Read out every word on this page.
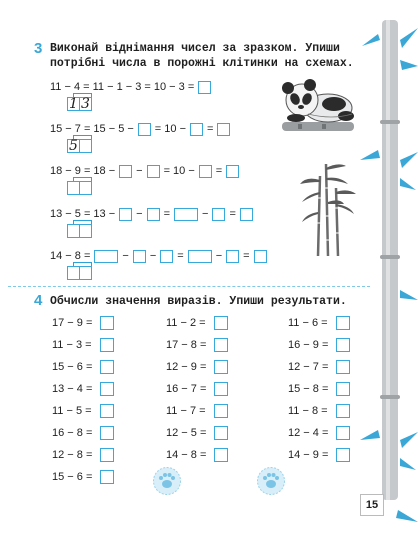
3 Виконай віднімання чисел за зразком. Упиши
потрібні числа в порожні клітинки на схемах.
11 − 4 = 11 − 1 − 3 = 10 − 3 =
1 3
15 − 7 = 15 − 5 − = 10 − =
5
18 − 9 = 18 − − = 10 − =
13 − 5 = 13 − − =	− =
14 − 8 =	− − =	− =
4 Обчисли значення виразів. Упиши результати.
17 − 9 =
11 − 3 =
15 − 6 =
13 − 4 =
11 − 5 =
16 − 8 =
12 − 8 =
15 − 6 =
11 − 2 =
17 − 8 =
12 − 9 =
16 − 7 =
11 − 7 =
12 − 5 =
14 − 8 =
11 − 6 =
16 − 9 =
12 − 7 =
15 − 8 =
11 − 8 =
12 − 4 =
14 − 9 =
15
